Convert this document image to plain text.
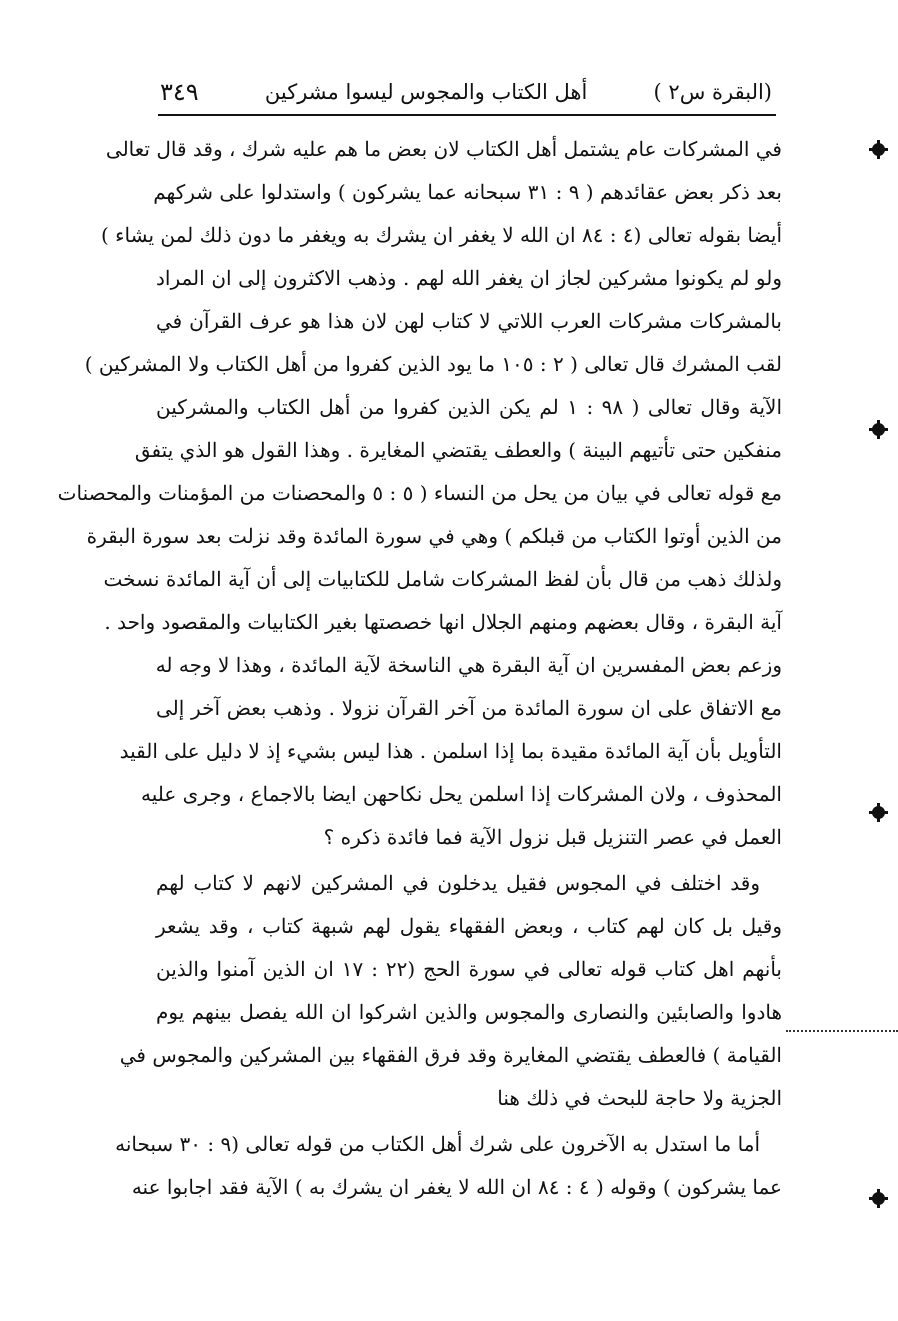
(البقرة س٢ )
أهل الكتاب والمجوس ليسوا مشركين
٣٤٩
في المشركات عام يشتمل أهل الكتاب لان بعض ما هم عليه شرك ، وقد قال تعالى
بعد ذكر بعض عقائدهم ( ٩ : ٣١ سبحانه عما يشركون ) واستدلوا على شركهم
أيضا بقوله تعالى (٤ : ٨٤ ان الله لا يغفر ان يشرك به ويغفر ما دون ذلك لمن يشاء )
ولو لم يكونوا مشركين لجاز ان يغفر الله لهم . وذهب الاكثرون إلى ان المراد
بالمشركات مشركات العرب اللاتي لا كتاب لهن لان هذا هو عرف القرآن في
لقب المشرك قال تعالى ( ٢ : ١٠٥ ما يود الذين كفروا من أهل الكتاب ولا المشركين )
الآية وقال تعالى ( ٩٨ : ١ لم يكن الذين كفروا من أهل الكتاب والمشركين
منفكين حتى تأتيهم البينة ) والعطف يقتضي المغايرة . وهذا القول هو الذي يتفق
مع قوله تعالى في بيان من يحل من النساء ( ٥ : ٥ والمحصنات من المؤمنات والمحصنات
من الذين أوتوا الكتاب من قبلكم ) وهي في سورة المائدة وقد نزلت بعد سورة البقرة
ولذلك ذهب من قال بأن لفظ المشركات شامل للكتابيات إلى أن آية المائدة نسخت
آية البقرة ، وقال بعضهم ومنهم الجلال انها خصصتها بغير الكتابيات والمقصود واحد .
وزعم بعض المفسرين ان آية البقرة هي الناسخة لآية المائدة ، وهذا لا وجه له
مع الاتفاق على ان سورة المائدة من آخر القرآن نزولا . وذهب بعض آخر إلى
التأويل بأن آية المائدة مقيدة بما إذا اسلمن . هذا ليس بشيء إذ لا دليل على القيد
المحذوف ، ولان المشركات إذا اسلمن يحل نكاحهن ايضا بالاجماع ، وجرى عليه
العمل في عصر التنزيل قبل نزول الآية فما فائدة ذكره ؟
وقد اختلف في المجوس فقيل يدخلون في المشركين لانهم لا كتاب لهم
وقيل بل كان لهم كتاب ، وبعض الفقهاء يقول لهم شبهة كتاب ، وقد يشعر
بأنهم اهل كتاب قوله تعالى في سورة الحج (٢٢ : ١٧ ان الذين آمنوا والذين
هادوا والصابئين والنصارى والمجوس والذين اشركوا ان الله يفصل بينهم يوم
القيامة ) فالعطف يقتضي المغايرة وقد فرق الفقهاء بين المشركين والمجوس في
الجزية ولا حاجة للبحث في ذلك هنا
أما ما استدل به الآخرون على شرك أهل الكتاب من قوله تعالى (٩ : ٣٠ سبحانه
عما يشركون ) وقوله ( ٤ : ٨٤ ان الله لا يغفر ان يشرك به ) الآية فقد اجابوا عنه
